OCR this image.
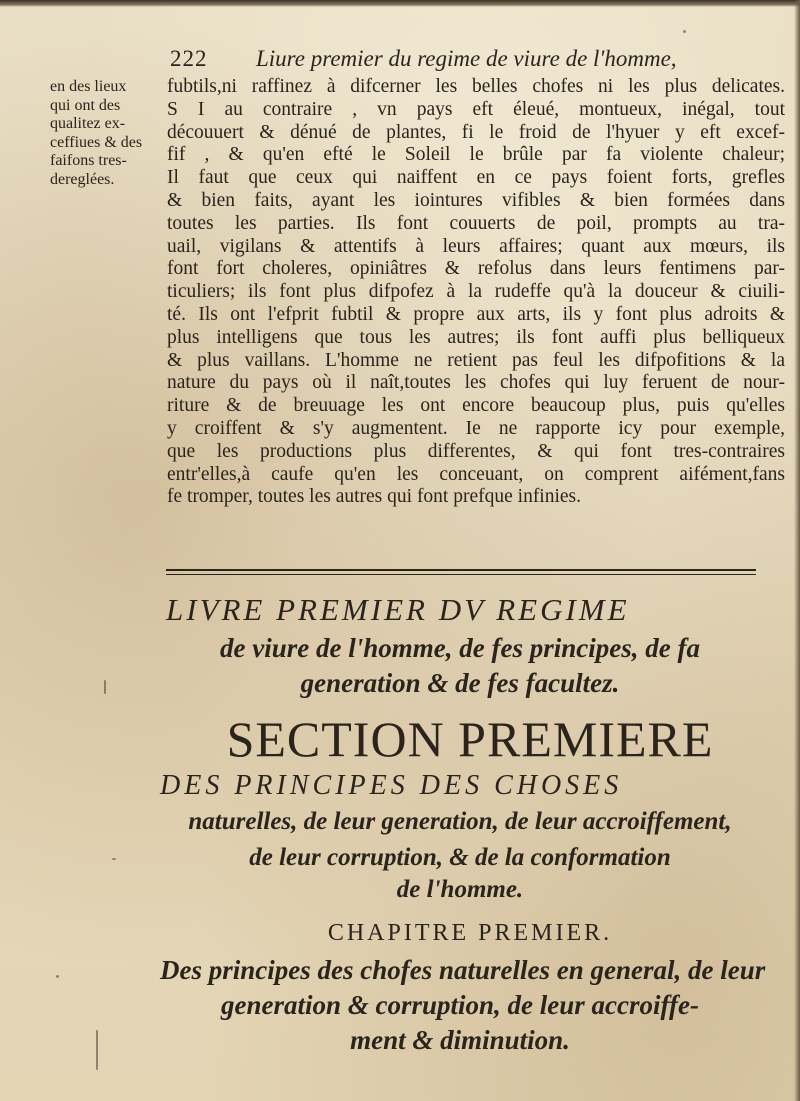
222 Liure premier du regime de viure de l'homme,
en des lieux
qui ont des
qualitez ex-
ceffiues & des
faifons tres-
dereglées.
fubtils,ni raffinez à difcerner les belles chofes ni les plus delicates.
S I au contraire , vn pays eft éleué, montueux, inégal, tout
découuert & dénué de plantes, fi le froid de l'hyuer y eft excef-
fif , & qu'en efté le Soleil le brûle par fa violente chaleur;
Il faut que ceux qui naiffent en ce pays foient forts, grefles
& bien faits, ayant les iointures vifibles & bien formées dans
toutes les parties. Ils font couuerts de poil, prompts au tra-
uail, vigilans & attentifs à leurs affaires; quant aux mœurs, ils
font fort choleres, opiniâtres & refolus dans leurs fentimens par-
ticuliers; ils font plus difpofez à la rudeffe qu'à la douceur & ciuili-
té. Ils ont l'efprit fubtil & propre aux arts, ils y font plus adroits &
plus intelligens que tous les autres; ils font auffi plus belliqueux
& plus vaillans. L'homme ne retient pas feul les difpofitions & la
nature du pays où il naît,toutes les chofes qui luy feruent de nour-
riture & de breuuage les ont encore beaucoup plus, puis qu'elles
y croiffent & s'y augmentent. Ie ne rapporte icy pour exemple,
que les productions plus differentes, & qui font tres-contraires
entr'elles,à caufe qu'en les conceuant, on comprent aifément,fans
fe tromper, toutes les autres qui font prefque infinies.
LIVRE PREMIER DV REGIME
de viure de l'homme, de fes principes, de fa
generation & de fes facultez.
SECTION PREMIERE
DES PRINCIPES DES CHOSES
naturelles, de leur generation, de leur accroiffement,
de leur corruption, & de la conformation
de l'homme.
CHAPITRE PREMIER.
Des principes des chofes naturelles en general, de leur
generation & corruption, de leur accroiffe-
ment & diminution.
